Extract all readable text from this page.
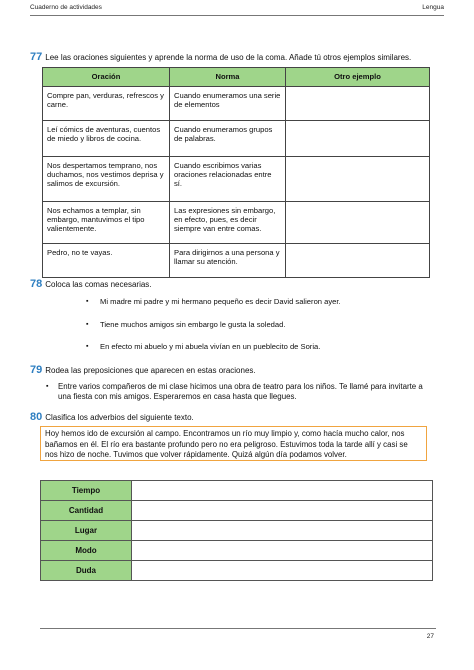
Cuaderno de actividades	Lengua
77 Lee las oraciones siguientes y aprende la norma de uso de la coma. Añade tú otros ejemplos similares.
Oración	Norma	Otro ejemplo
Compre pan, verduras, refrescos y carne.	Cuando enumeramos una serie de elementos	
Leí cómics de aventuras, cuentos de miedo y libros de cocina.	Cuando enumeramos grupos de palabras.	
Nos despertamos temprano, nos duchamos, nos vestimos deprisa y salimos de excursión.	Cuando escribimos varias oraciones relacionadas entre sí.	
Nos echamos a templar, sin embargo, mantuvimos el tipo valientemente.	Las expresiones sin embargo, en efecto, pues, es decir siempre van entre comas.	
Pedro, no te vayas.	Para dirigirnos a una persona y llamar su atención.	
78 Coloca las comas necesarias.
▪ Mi madre mi padre y mi hermano pequeño es decir David salieron ayer.
▪ Tiene muchos amigos sin embargo le gusta la soledad.
▪ En efecto mi abuelo y mi abuela vivían en un pueblecito de Soria.
79 Rodea las preposiciones que aparecen en estas oraciones.
▪	Entre varios compañeros de mi clase hicimos una obra de teatro para los niños. Te llamé para invitarte a una fiesta con mis amigos. Esperaremos en casa hasta que llegues.
80 Clasifica los adverbios del siguiente texto.
Hoy hemos ido de excursión al campo. Encontramos un río muy limpio y, como hacía mucho calor, nos bañamos en él. El río era bastante profundo pero no era peligroso. Estuvimos toda la tarde allí y casi se nos hizo de noche. Tuvimos que volver rápidamente. Quizá algún día podamos volver.
Tiempo	
Cantidad	
Lugar	
Modo	
Duda	
27
